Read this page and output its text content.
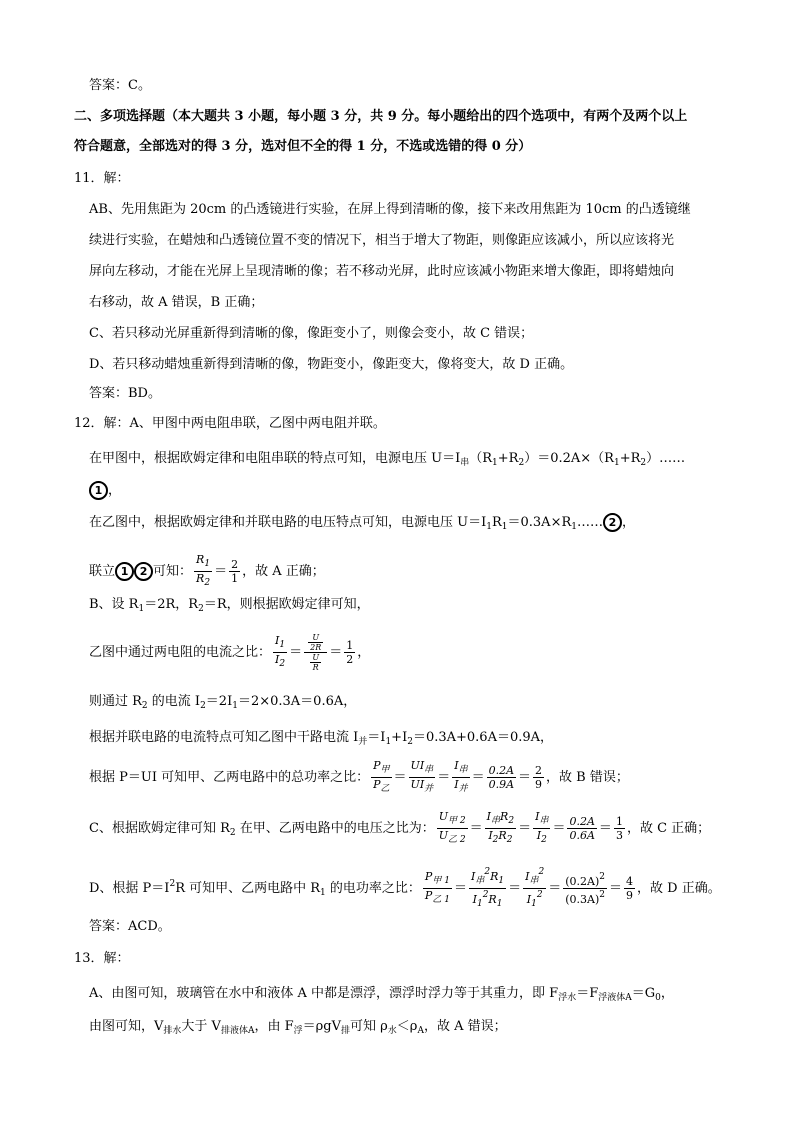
答案：C。
二、多项选择题（本大题共 3 小题，每小题 3 分，共 9 分。每小题给出的四个选项中，有两个及两个以上
符合题意，全部选对的得 3 分，选对但不全的得 1 分，不选或选错的得 0 分）
11．解：
AB、先用焦距为 20cm 的凸透镜进行实验，在屏上得到清晰的像，接下来改用焦距为 10cm 的凸透镜继
续进行实验，在蜡烛和凸透镜位置不变的情况下，相当于增大了物距，则像距应该减小，所以应该将光
屏向左移动，才能在光屏上呈现清晰的像；若不移动光屏，此时应该减小物距来增大像距，即将蜡烛向
右移动，故 A 错误，B 正确；
C、若只移动光屏重新得到清晰的像，像距变小了，则像会变小，故 C 错误；
D、若只移动蜡烛重新得到清晰的像，物距变小，像距变大，像将变大，故 D 正确。
答案：BD。
12．解：A、甲图中两电阻串联，乙图中两电阻并联。
在甲图中，根据欧姆定律和电阻串联的特点可知，电源电压 $U=I_串(R_1+R_2)=0.2A\times(R_1+R_2)\dots\dots$
1 ，
在乙图中，根据欧姆定律和并联电路的电压特点可知，电源电压 $U=I_1R_1=0.3A\times R_1\dots\dots$ 2 ，
联立 1 2 可知： $\frac{R_1}{R_2} = \frac{2}{1}$ ，故 A 正确；
B、设 $R_1=2R$，$R_2=R$，则根据欧姆定律可知，
乙图中通过两电阻的电流之比： $\frac{I_1}{I_2} = \frac{\frac{U}{2R}}{\frac{U}{R}} = \frac{1}{2}$ ，
则通过 $R_2$ 的电流 $I_2=2I_1=2\times 0.3A=0.6A$，
根据并联电路的电流特点可知乙图中干路电流 $I_并=I_1+I_2=0.3A+0.6A=0.9A$，
根据 P＝UI 可知甲、乙两电路中的总功率之比： $\frac{P_甲}{P_乙} = \frac{UI_串}{UI_并} = \frac{I_串}{I_并} = \frac{0.2A}{0.9A} = \frac{2}{9}$ ，故 B 错误；
C、根据欧姆定律可知 $R_2$ 在甲、乙两电路中的电压之比为： $\frac{U_{甲 2}}{U_{乙 2}} = \frac{I_串R_2}{I_2R_2} = \frac{I_串}{I_2} = \frac{0.2A}{0.6A} = \frac{1}{3}$ ，故 C 正确；
D、根据 $P=I^2R$ 可知甲、乙两电路中 $R_1$ 的电功率之比： $\frac{P_{甲 1}}{P_{乙 1}} = \frac{I_串^2R_1}{I_1^2R_1} = \frac{I_串^2}{I_1^2} = \frac{(0.2A)^2}{(0.3A)^2} = \frac{4}{9}$ ，故 D 正确。
答案：ACD。
13．解：
A、由图可知，玻璃管在水中和液体 A 中都是漂浮，漂浮时浮力等于其重力，即 $F_{浮水}=F_{浮液体A}=G_0$，
由图可知，$V_{排水}$大于 $V_{排液体A}$，由 $F_浮=\rho gV_排$可知 $\rho_水<\rho_A$，故 A 错误；
